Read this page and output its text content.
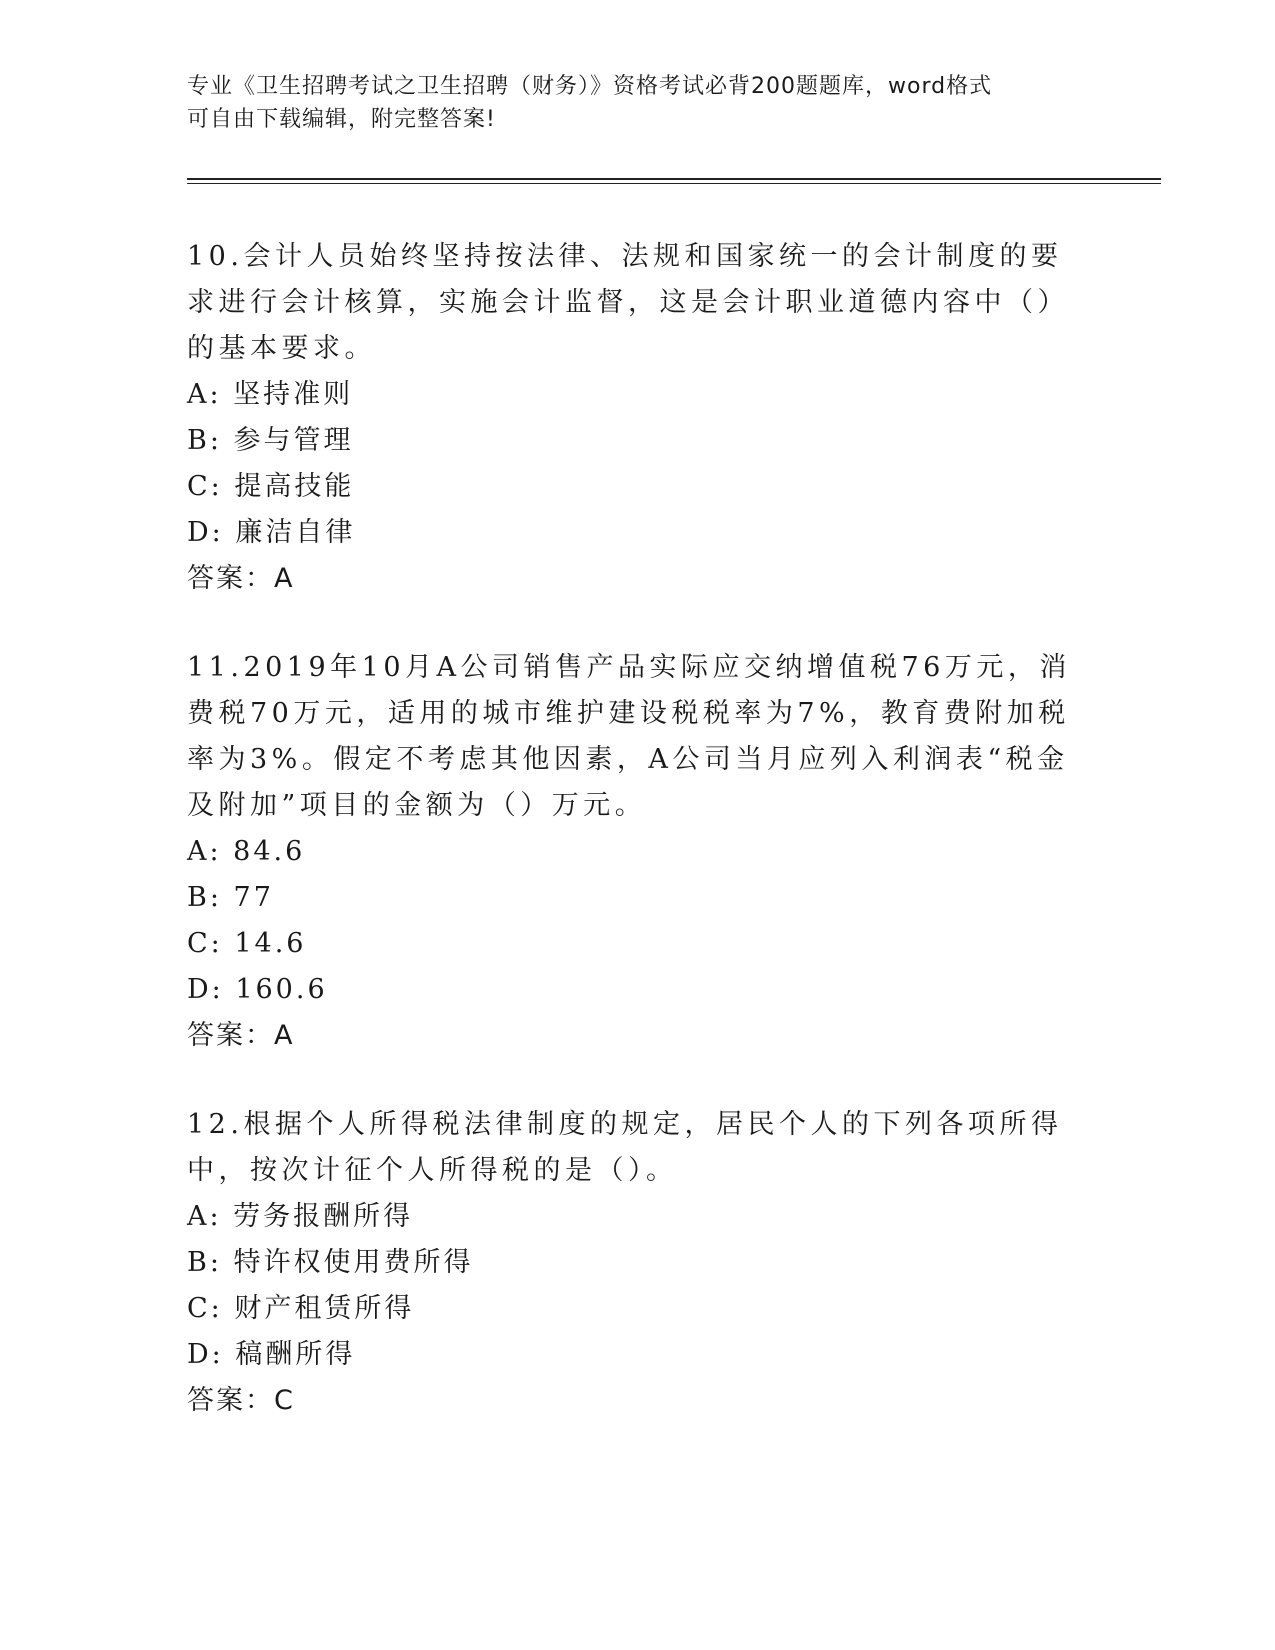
专业《卫生招聘考试之卫生招聘（财务）》资格考试必背200题题库，word格式
可自由下载编辑，附完整答案!
10.会计人员始终坚持按法律、法规和国家统一的会计制度的要求进行会计核算，实施会计监督，这是会计职业道德内容中（）的基本要求。
A: 坚持准则
B: 参与管理
C: 提高技能
D: 廉洁自律
答案：A
11.2019年10月A公司销售产品实际应交纳增值税76万元，消费税70万元，适用的城市维护建设税税率为7%，教育费附加税率为3%。假定不考虑其他因素，A公司当月应列入利润表“税金及附加”项目的金额为（）万元。
A: 84.6
B: 77
C: 14.6
D: 160.6
答案：A
12.根据个人所得税法律制度的规定，居民个人的下列各项所得中，按次计征个人所得税的是（）。
A: 劳务报酬所得
B: 特许权使用费所得
C: 财产租赁所得
D: 稿酬所得
答案：C
